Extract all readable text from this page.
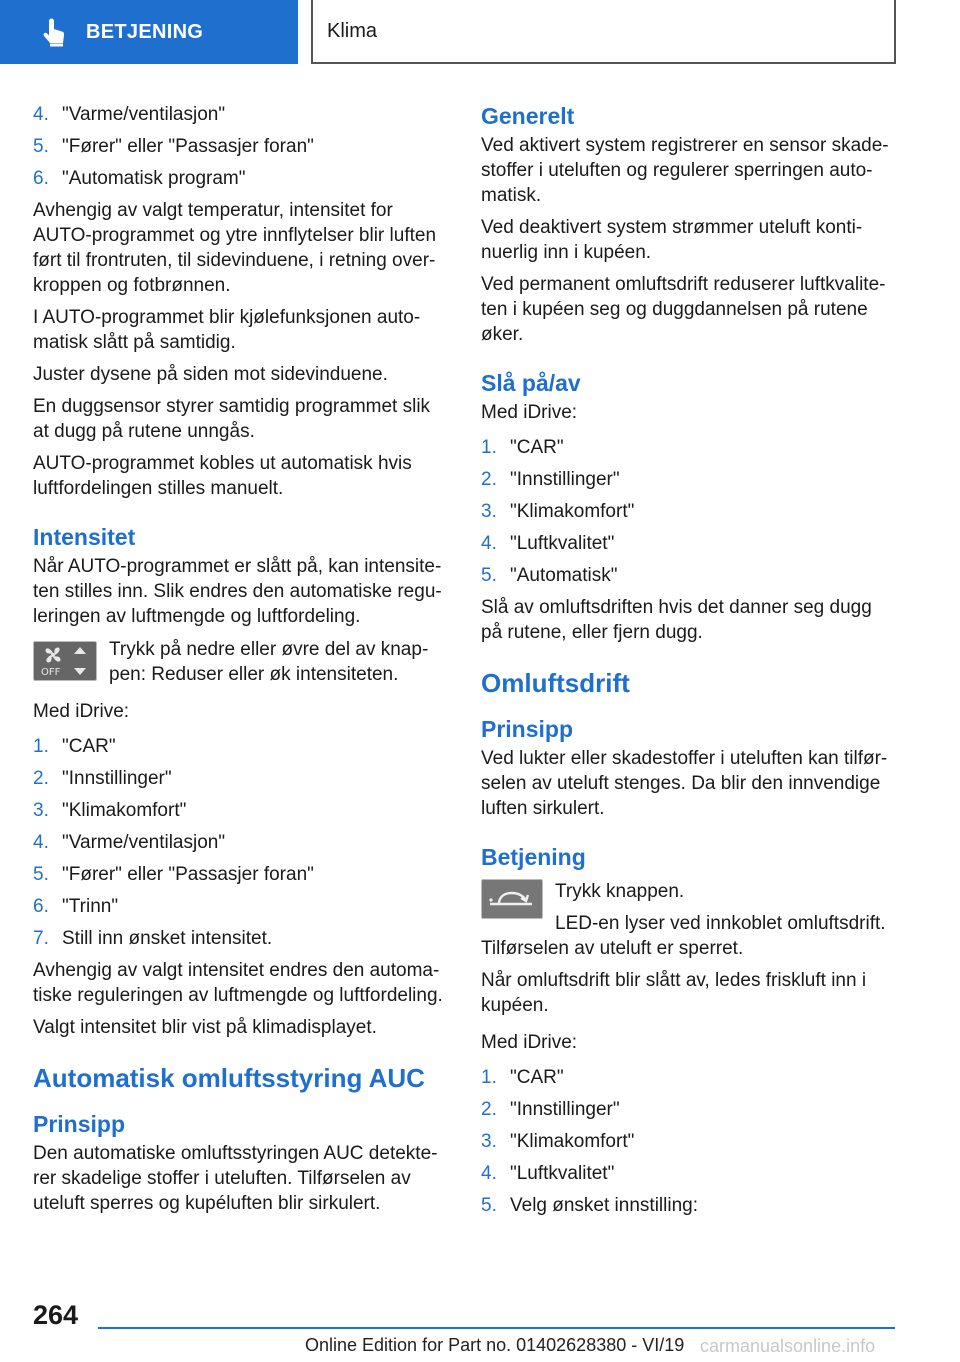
BETJENING	Klima
4. "Varme/ventilasjon"
5. "Fører" eller "Passasjer foran"
6. "Automatisk program"

Avhengig av valgt temperatur, intensitet for AUTO-programmet og ytre innflytelser blir luften ført til frontruten, til sidevinduene, i retning overkroppen og fotbrønnen.

I AUTO-programmet blir kjølefunksjonen automatisk slått på samtidig.

Juster dysene på siden mot sidevinduene.

En duggsensor styrer samtidig programmet slik at dugg på rutene unngås.

AUTO-programmet kobles ut automatisk hvis luftfordelingen stilles manuelt.

Intensitet

Når AUTO-programmet er slått på, kan intensiteten stilles inn. Slik endres den automatiske reguleringen av luftmengde og luftfordeling.

OFF
Trykk på nedre eller øvre del av knappen: Reduser eller øk intensiteten.

Med iDrive:

1. "CAR"
2. "Innstillinger"
3. "Klimakomfort"
4. "Varme/ventilasjon"
5. "Fører" eller "Passasjer foran"
6. "Trinn"
7. Still inn ønsket intensitet.

Avhengig av valgt intensitet endres den automatiske reguleringen av luftmengde og luftfordeling.

Valgt intensitet blir vist på klimadisplayet.

Automatisk omluftsstyring AUC
Prinsipp

Den automatiske omluftsstyringen AUC detekterer skadelige stoffer i uteluften. Tilførselen av uteluft sperres og kupéluften blir sirkulert.

Generelt

Ved aktivert system registrerer en sensor skadestoffer i uteluften og regulerer sperringen automatisk.

Ved deaktivert system strømmer uteluft kontinuerlig inn i kupéen.

Ved permanent omluftsdrift reduserer luftkvaliteten i kupéen seg og duggdannelsen på rutene øker.

Slå på/av

Med iDrive:

1. "CAR"
2. "Innstillinger"
3. "Klimakomfort"
4. "Luftkvalitet"
5. "Automatisk"

Slå av omluftsdriften hvis det danner seg dugg på rutene, eller fjern dugg.

Omluftsdrift
Prinsipp

Ved lukter eller skadestoffer i uteluften kan tilførselen av uteluft stenges. Da blir den innvendige luften sirkulert.

Betjening

Trykk knappen.

LED-en lyser ved innkoblet omluftsdrift.

Tilførselen av uteluft er sperret.

Når omluftsdrift blir slått av, ledes friskluft inn i kupéen.

Med iDrive:

1. "CAR"
2. "Innstillinger"
3. "Klimakomfort"
4. "Luftkvalitet"
5. Velg ønsket innstilling:
264
Online Edition for Part no. 01402628380 - VI/19 carmanualsonline.info
